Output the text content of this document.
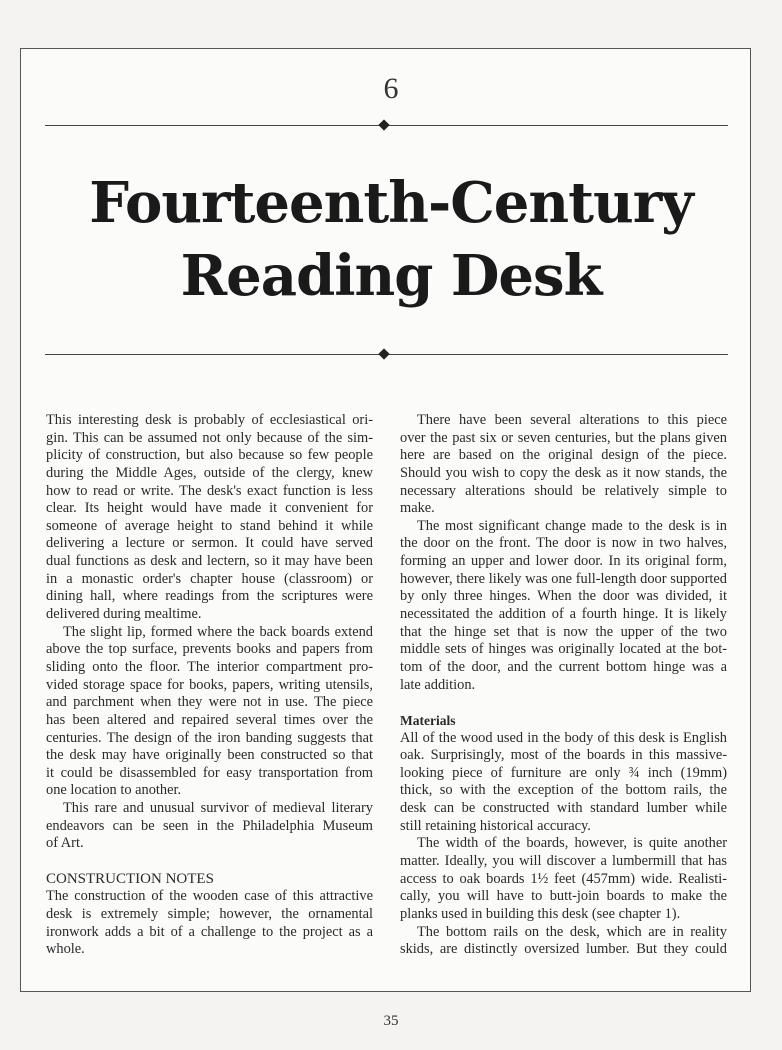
6
Fourteenth-Century
Reading Desk
This interesting desk is probably of ecclesiastical ori-
gin. This can be assumed not only because of the sim-
plicity of construction, but also because so few people
during the Middle Ages, outside of the clergy, knew
how to read or write. The desk's exact function is less
clear. Its height would have made it convenient for
someone of average height to stand behind it while
delivering a lecture or sermon. It could have served
dual functions as desk and lectern, so it may have been
in a monastic order's chapter house (classroom) or
dining hall, where readings from the scriptures were
delivered during mealtime.
The slight lip, formed where the back boards extend
above the top surface, prevents books and papers from
sliding onto the floor. The interior compartment pro-
vided storage space for books, papers, writing utensils,
and parchment when they were not in use. The piece
has been altered and repaired several times over the
centuries. The design of the iron banding suggests that
the desk may have originally been constructed so that
it could be disassembled for easy transportation from
one location to another.
This rare and unusual survivor of medieval literary
endeavors can be seen in the Philadelphia Museum
of Art.
CONSTRUCTION NOTES
The construction of the wooden case of this attractive
desk is extremely simple; however, the ornamental
ironwork adds a bit of a challenge to the project as a
whole.
There have been several alterations to this piece
over the past six or seven centuries, but the plans given
here are based on the original design of the piece.
Should you wish to copy the desk as it now stands, the
necessary alterations should be relatively simple to
make.
The most significant change made to the desk is in
the door on the front. The door is now in two halves,
forming an upper and lower door. In its original form,
however, there likely was one full-length door supported
by only three hinges. When the door was divided, it
necessitated the addition of a fourth hinge. It is likely
that the hinge set that is now the upper of the two
middle sets of hinges was originally located at the bot-
tom of the door, and the current bottom hinge was a
late addition.
Materials
All of the wood used in the body of this desk is English
oak. Surprisingly, most of the boards in this massive-
looking piece of furniture are only ¾ inch (19mm)
thick, so with the exception of the bottom rails, the
desk can be constructed with standard lumber while
still retaining historical accuracy.
The width of the boards, however, is quite another
matter. Ideally, you will discover a lumbermill that has
access to oak boards 1½ feet (457mm) wide. Realisti-
cally, you will have to butt-join boards to make the
planks used in building this desk (see chapter 1).
The bottom rails on the desk, which are in reality
skids, are distinctly oversized lumber. But they could
35
